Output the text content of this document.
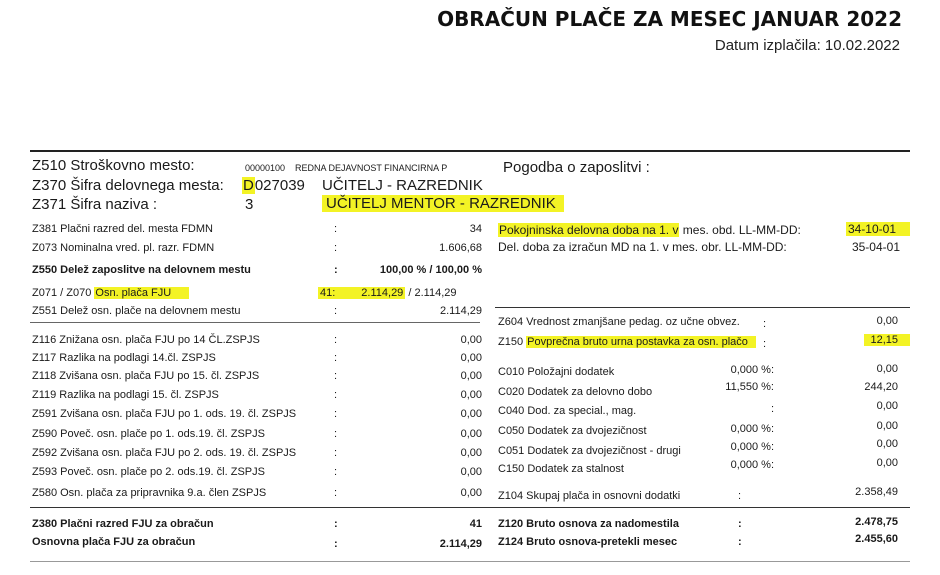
OBRAČUN PLAČE ZA MESEC JANUAR 2022
Datum izplačila: 10.02.2022
Z510 Stroškovno mesto:	00000100 REDNA DEJAVNOST FINANCIRNA P	Pogodba o zaposlitvi :
Z370 Šifra delovnega mesta: D027039 UČITELJ - RAZREDNIK
Z371 Šifra naziva :	3	UČITELJ MENTOR - RAZREDNIK
Z381 Plačni razred del. mesta FDMN	:	34
Z073 Nominalna vred. pl. razr. FDMN	:	1.606,68
Z550 Delež zaposlitve na delovnem mestu	:	100,00 % / 100,00 %
Z071 / Z070 Osn. plača FJU	41: 2.114,29 / 2.114,29
Z551 Delež osn. plače na delovnem mestu	:	2.114,29
Z116 Znižana osn. plača FJU po 14 ČL.ZSPJS	:	0,00
Z117 Razlika na podlagi 14.čl. ZSPJS	:	0,00
Z118 Zvišana osn. plača FJU po 15. čl. ZSPJS	:	0,00
Z119 Razlika na podlagi 15. čl. ZSPJS	:	0,00
Z591 Zvišana osn. plača FJU po 1. ods. 19. čl. ZSPJS	:	0,00
Z590 Poveč. osn. plače po 1. ods.19. čl. ZSPJS	:	0,00
Z592 Zvišana osn. plača FJU po 2. ods. 19. čl. ZSPJS	:	0,00
Z593 Poveč. osn. plače po 2. ods.19. čl. ZSPJS	:	0,00
Z580 Osn. plača za pripravnika 9.a. člen ZSPJS	:	0,00
Z380 Plačni razred FJU za obračun	:	41
Osnovna plača FJU za obračun	:	2.114,29
Pokojninska delovna doba na 1. v mes. obd. LL-MM-DD:	34-10-01
Del. doba za izračun MD na 1. v mes. obr. LL-MM-DD:	35-04-01
Z604 Vrednost zmanjšane pedag. oz učne obvez. :	0,00
Z150 Povprečna bruto urna postavka za osn. plačo	:	12,15
C010 Položajni dodatek	0,000 %:	0,00
C020 Dodatek za delovno dobo	11,550 %:	244,20
C040 Dod. za special., mag.	:	0,00
C050 Dodatek za dvojezičnost	0,000 %:	0,00
C051 Dodatek za dvojezičnost - drugi	0,000 %:	0,00
C150 Dodatek za stalnost	0,000 %:	0,00
Z104 Skupaj plača in osnovni dodatki	:	2.358,49
Z120 Bruto osnova za nadomestila	:	2.478,75
Z124 Bruto osnova-pretekli mesec	:	2.455,60
